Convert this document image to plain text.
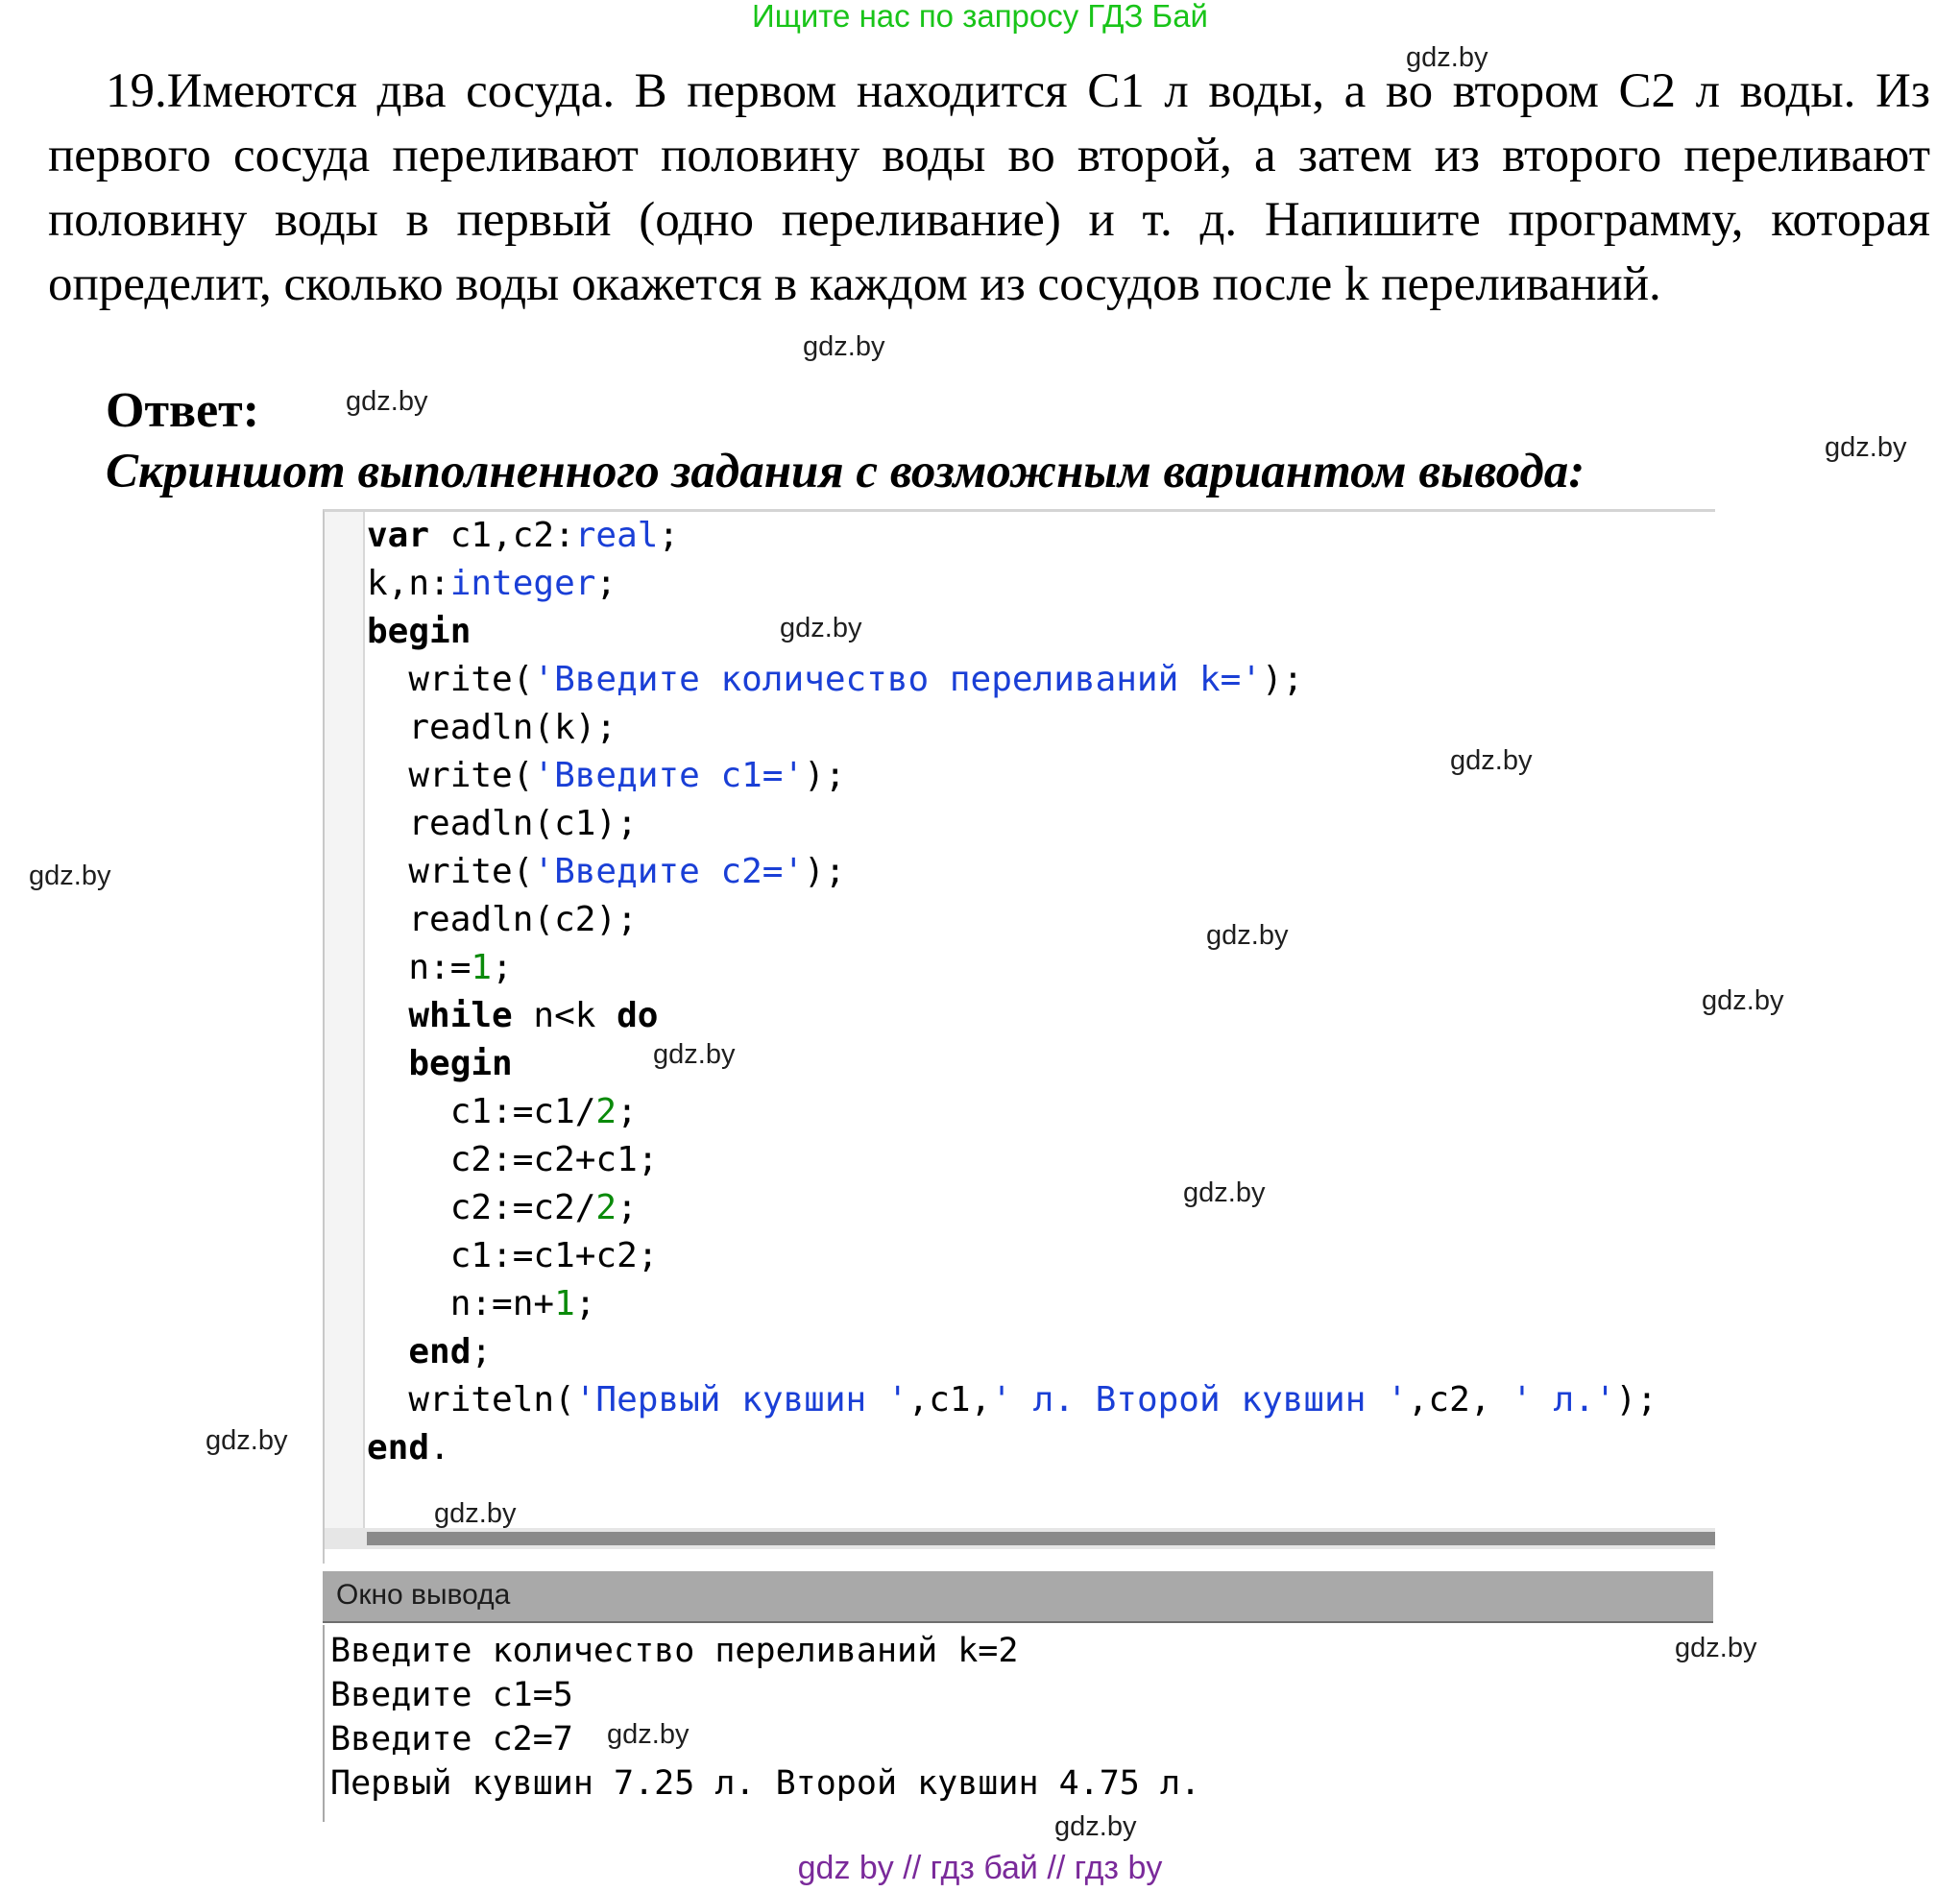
Ищите нас по запросу ГДЗ Бай
19.Имеются два сосуда. В первом находится С1 л воды, а во втором С2 л воды. Из первого сосуда переливают половину воды во второй, а затем из второго переливают половину воды в первый (одно переливание) и т. д. Напишите программу, которая определит, сколько воды окажется в каждом из сосудов после k переливаний.
Ответ:
Скриншот выполненного задания с возможным вариантом вывода:
var c1,c2:real;
k,n:integer;
begin
write('Введите количество переливаний k=');
readln(k);
write('Введите c1=');
readln(c1);
write('Введите c2=');
readln(c2);
n:=1;
while n<k do
begin
c1:=c1/2;
c2:=c2+c1;
c2:=c2/2;
c1:=c1+c2;
n:=n+1;
end;
writeln('Первый кувшин ',c1,' л. Второй кувшин ',c2, ' л.');
end.
Окно вывода
Введите количество переливаний k=2
Введите c1=5
Введите c2=7
Первый кувшин 7.25 л. Второй кувшин 4.75 л.
gdz.by
gdz.by
gdz.by
gdz.by
gdz.by
gdz.by
gdz.by
gdz.by
gdz.by
gdz.by
gdz.by
gdz.by
gdz.by
gdz.by
gdz.by
gdz.by
gdz by // гдз бай // гдз by
